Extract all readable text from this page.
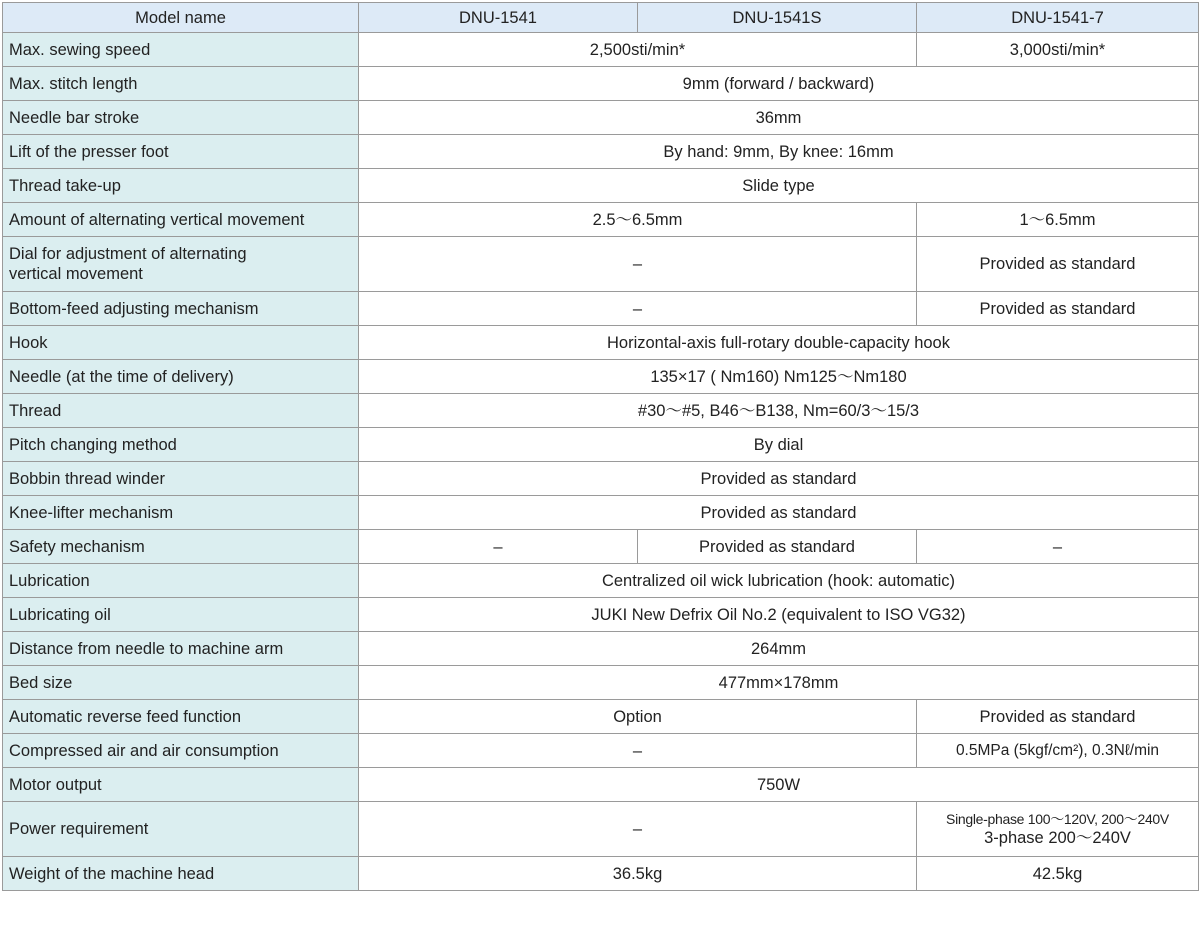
Model name	DNU-1541	DNU-1541S	DNU-1541-7
Max. sewing speed	2,500sti/min*		3,000sti/min*
Max. stitch length	9mm (forward / backward)		
Needle bar stroke	36mm		
Lift of the presser foot	By hand: 9mm, By knee: 16mm		
Thread take-up	Slide type		
Amount of alternating vertical movement	2.5～6.5mm		1～6.5mm

Dial for adjustment of alternating
vertical movement	–		Provided as standard
Bottom-feed adjusting mechanism	–		Provided as standard
Hook	Horizontal-axis full-rotary double-capacity hook		
Needle (at the time of delivery)	135×17 ( Nm160) Nm125～Nm180		
Thread	#30～#5, B46～B138, Nm=60/3～15/3		
Pitch changing method	By dial		
Bobbin thread winder	Provided as standard		
Knee-lifter mechanism	Provided as standard		
Safety mechanism	–	Provided as standard	–
Lubrication	Centralized oil wick lubrication (hook: automatic)		
Lubricating oil	JUKI New Defrix Oil No.2 (equivalent to ISO VG32)		
Distance from needle to machine arm	264mm		
Bed size	477mm×178mm		
Automatic reverse feed function	Option		Provided as standard
Compressed air and air consumption	–		0.5MPa (5kgf/cm²), 0.3Nℓ/min
Motor output	750W		
Power requirement	–		Single-phase 100～120V, 200～240V
3-phase 200～240V

Weight of the machine head	36.5kg		42.5kg
